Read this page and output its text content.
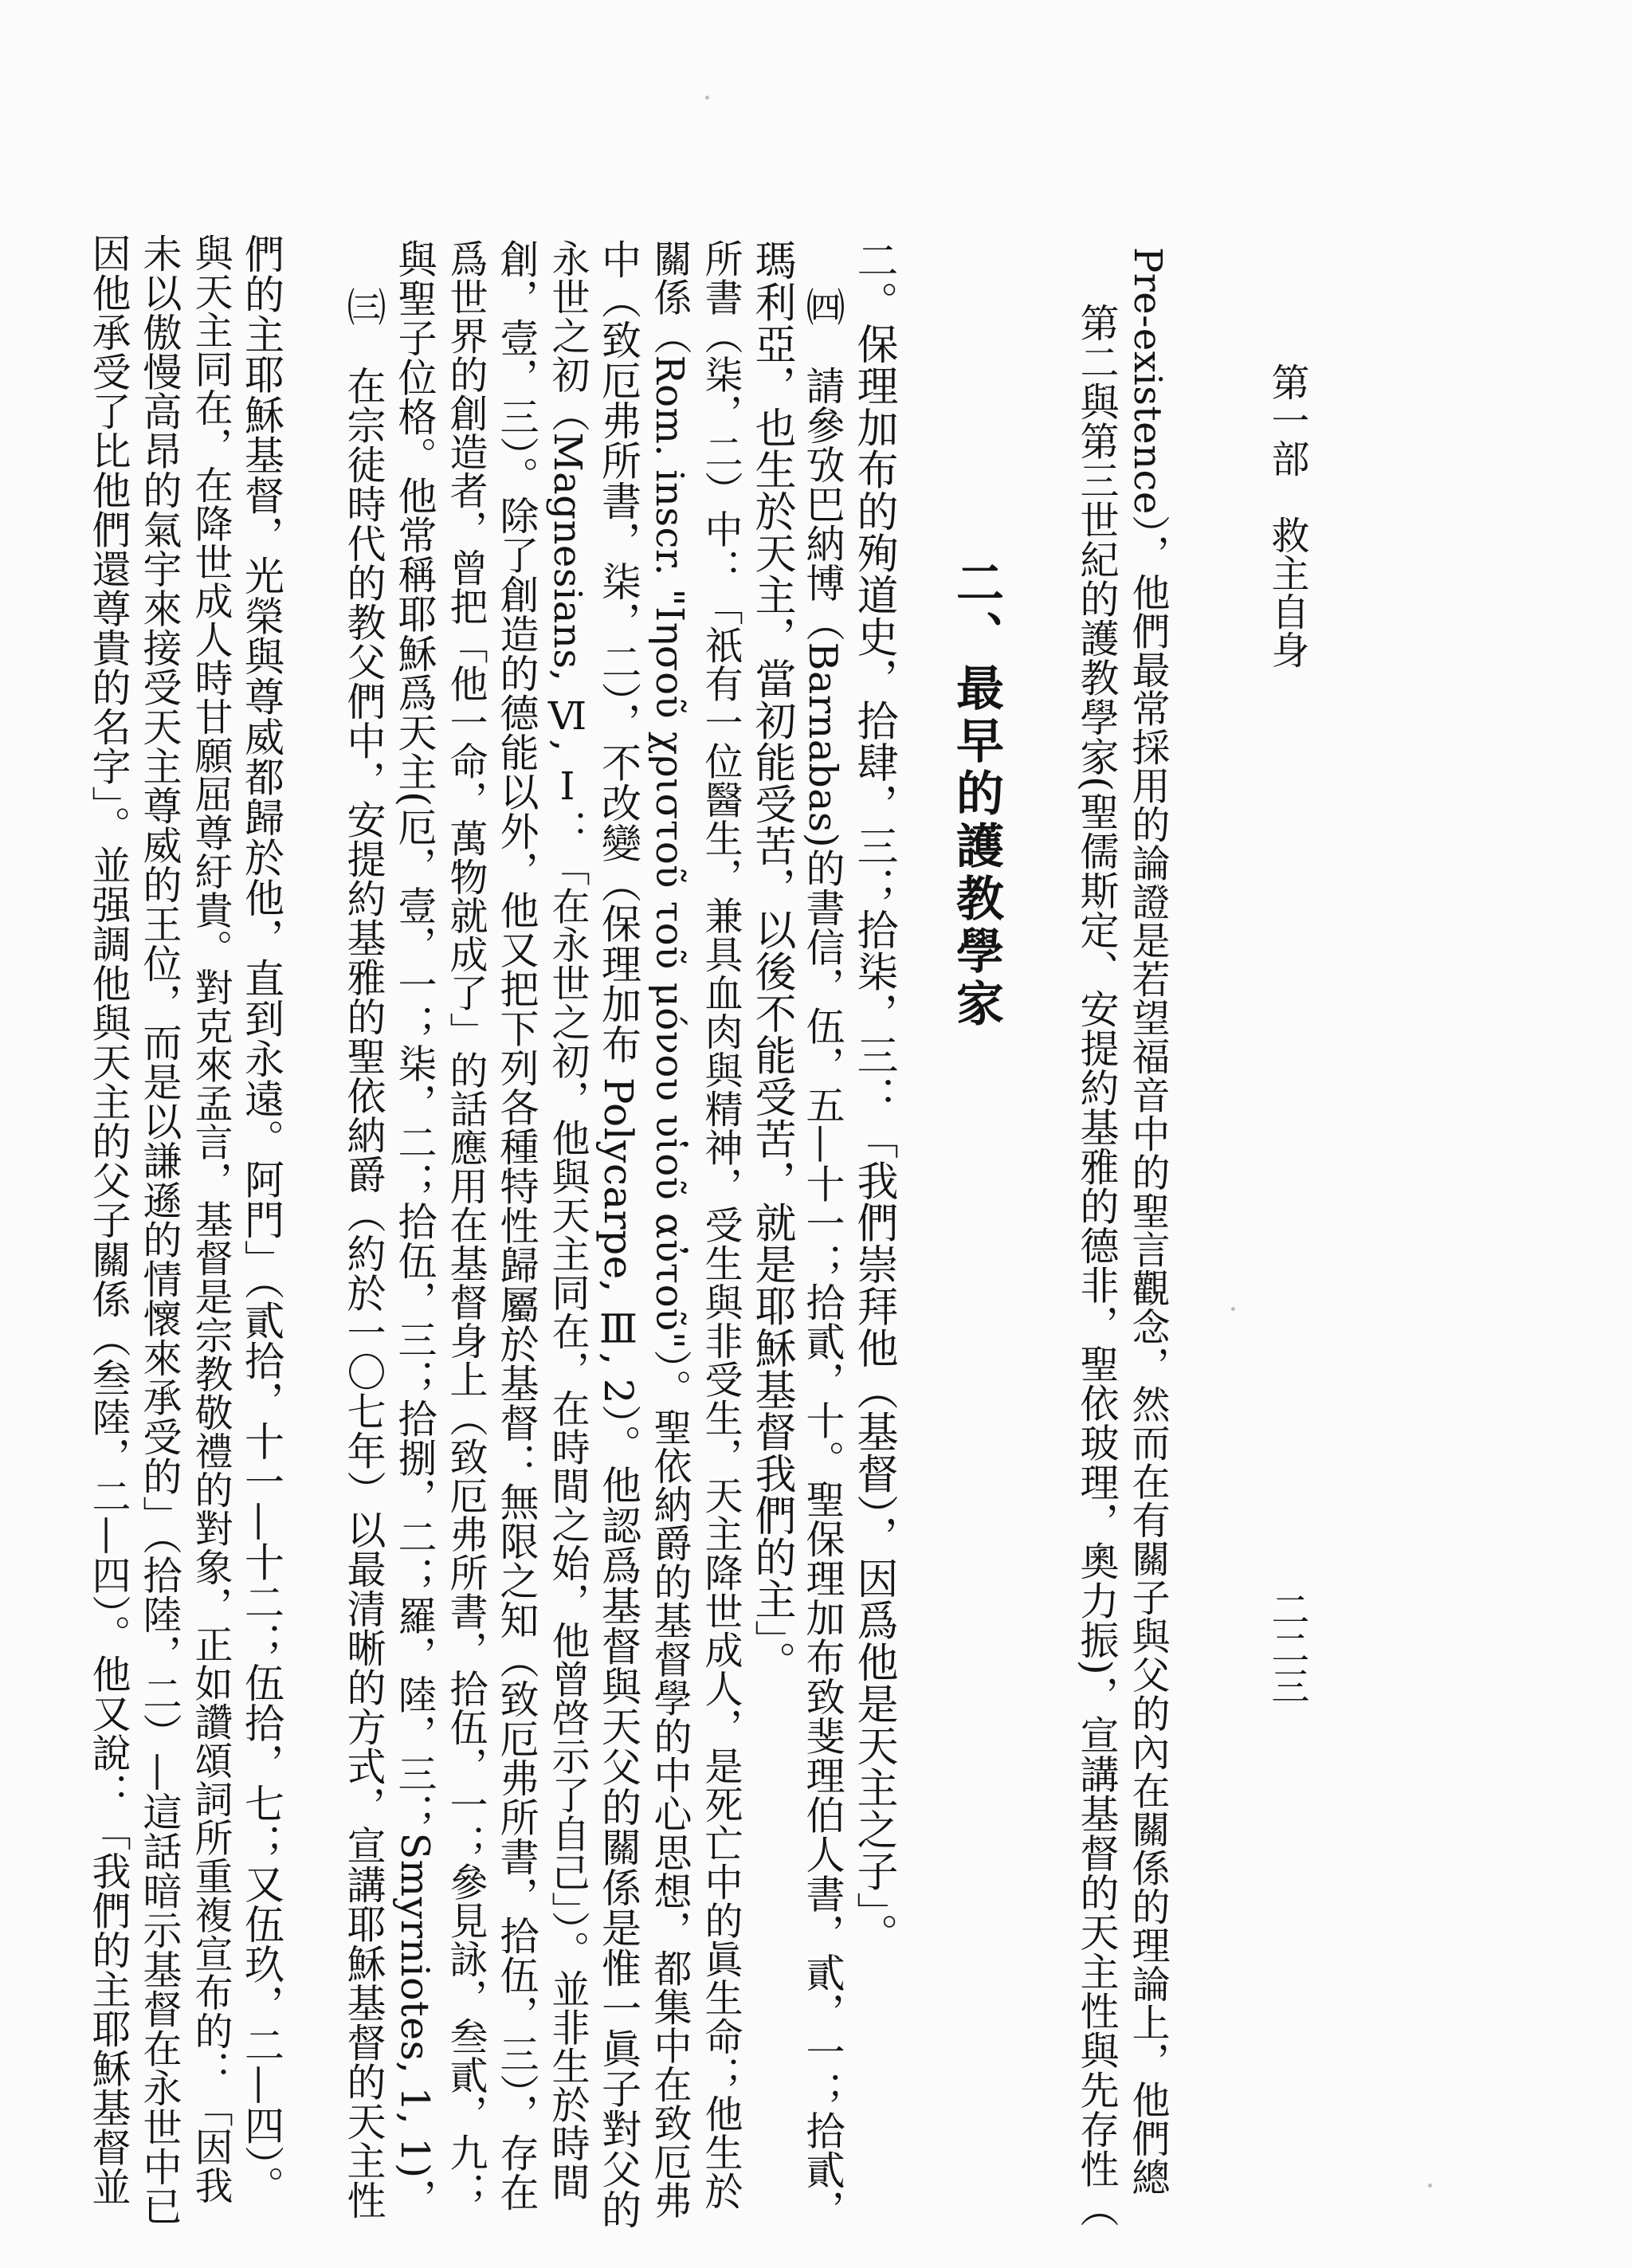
因他承受了比他們還尊貴的名字」。並强調他與天主的父子關係（叁陸，二—四）。他又說：「我們的主耶穌基督並 未以傲慢高昂的氣宇來接受天主尊威的王位，而是以謙遜的情懷來承受的」（拾陸，二）—這話暗示基督在永世中已 與天主同在，在降世成人時甘願屈尊紆貴。對克來孟言，基督是宗教敬禮的對象，正如讚頌詞所重複宣布的：「因我 們的主耶穌基督，光榮與尊威都歸於他，直到永遠。阿門」（貳拾，十一—十二；伍拾，七；又伍玖，二—四）。 ㈢　在宗徒時代的教父們中，安提約基雅的聖依納爵（約於一〇七年）以最清晰的方式，宣講耶穌基督的天主性 與聖子位格。他常稱耶穌爲天主(厄，壹，一；柒，二；拾伍，三；拾捌，二；羅，陸，三；Smyrniotes, 1, 1)， 爲世界的創造者，曾把「他一命，萬物就成了」的話應用在基督身上（致厄弗所書，拾伍，一；參見詠，叁貳，九； 創，壹，三）。除了創造的德能以外，他又把下列各種特性歸屬於基督：無限之知（致厄弗所書，拾伍，三），存在 永世之初（Magnesians, Ⅵ, Ⅰ：「在永世之初，他與天主同在，在時間之始，他曾啓示了自己」）。並非生於時間 中（致厄弗所書，柒，二），不改變（保理加布 Polycarpe, Ⅲ, 2）。他認爲基督與天父的關係是惟一眞子對父的 關係（Rom. inscr. "Ιησοῦ χριστοῦ τοῦ μόνου υἱοῦ αὐτοῦ"）。聖依納爵的基督學的中心思想，都集中在致厄弗 所書（柒，二）中：「祇有一位醫生，兼具血肉與精神，受生與非受生，天主降世成人，是死亡中的眞生命；他生於 瑪利亞，也生於天主，當初能受苦，以後不能受苦，就是耶穌基督我們的主」。 ㈣　請參攷巴納博（Barnabas)的書信，伍，五—十一；拾貳，十。聖保理加布致斐理伯人書，貳，一；拾貳， 二。保理加布的殉道史，拾肆，三；拾柒，三：「我們崇拜他（基督），因爲他是天主之子」。 二、最早的護教學家 第二與第三世紀的護教學家(聖儒斯定、安提約基雅的德非，聖依玻理，奧力振)，宣講基督的天主性與先存性（ Pre-existence），他們最常採用的論證是若望福音中的聖言觀念，然而在有關子與父的內在關係的理論上，他們總 第一部　救主自身
二二三
